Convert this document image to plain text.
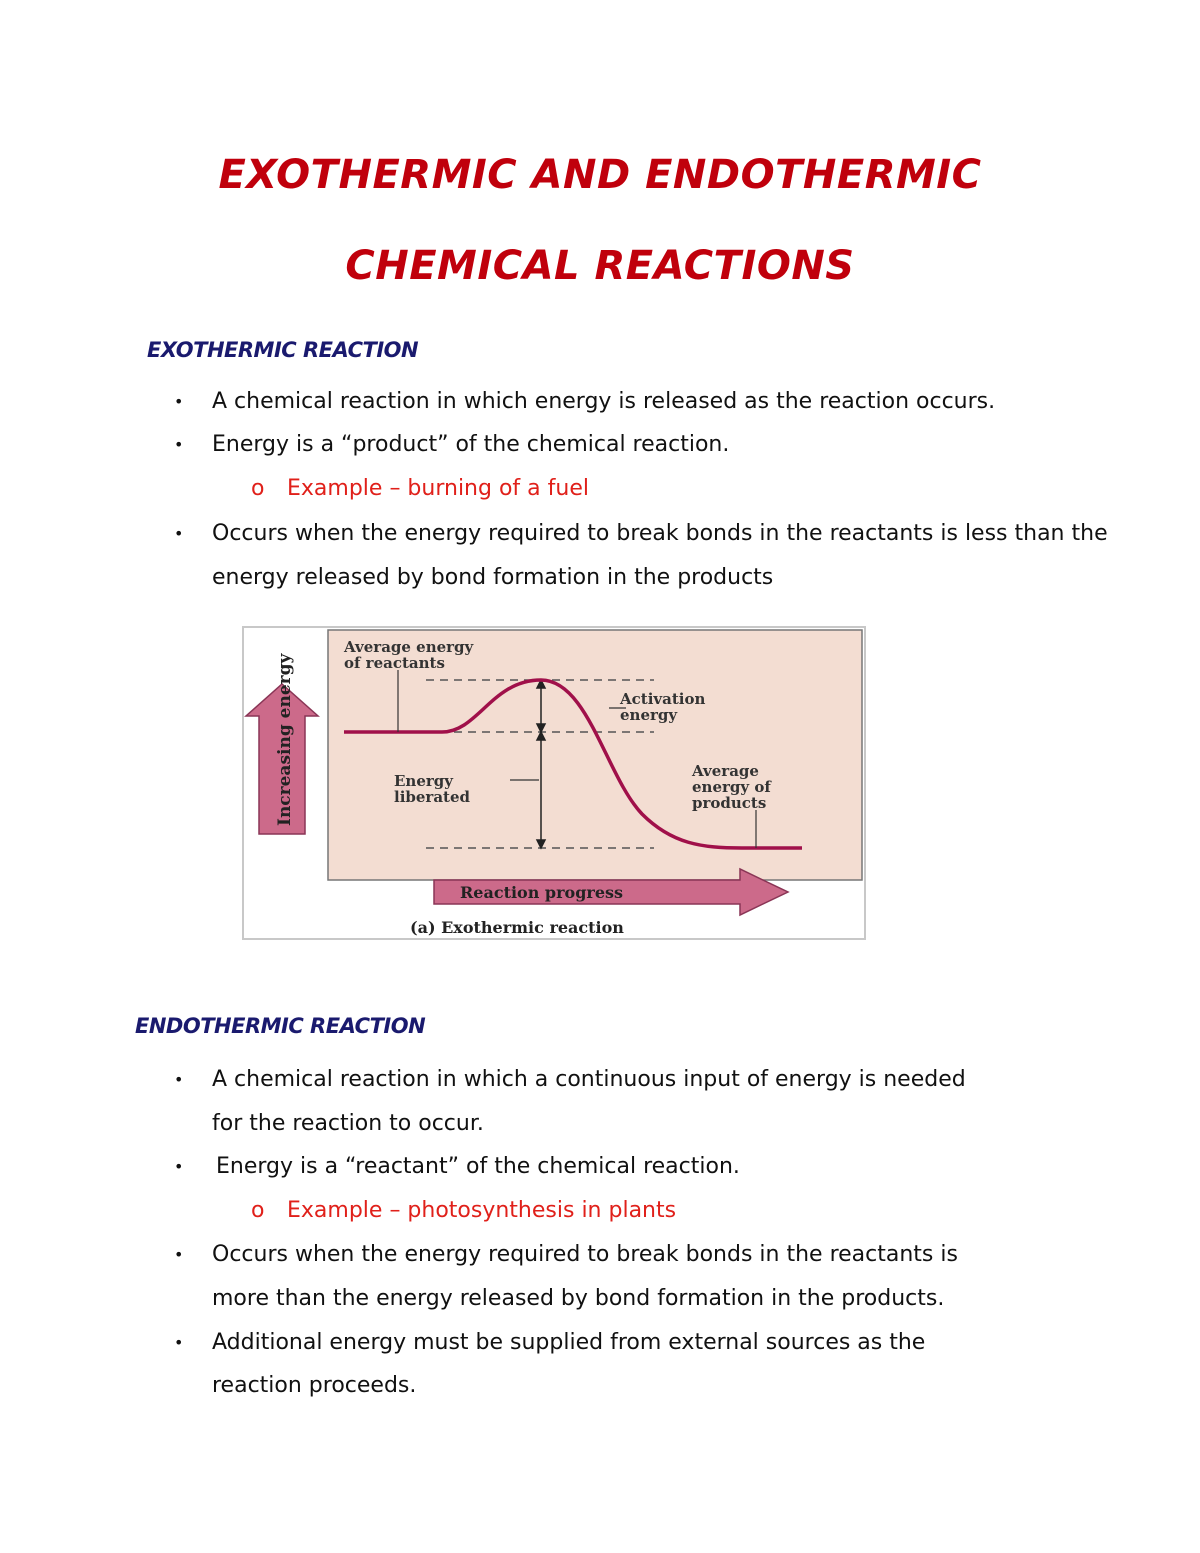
EXOTHERMIC AND ENDOTHERMIC
CHEMICAL REACTIONS
EXOTHERMIC REACTION
• A chemical reaction in which energy is released as the reaction occurs.
• Energy is a “product” of the chemical reaction.
o Example – burning of a fuel
• Occurs when the energy required to break bonds in the reactants is less than the
energy released by bond formation in the products
Increasing energy
Average energy
of reactants
Activation
energy
Energy
liberated
Average
energy of
products
Reaction progress
(a) Exothermic reaction
ENDOTHERMIC REACTION
• A chemical reaction in which a continuous input of energy is needed
for the reaction to occur.
• Energy is a “reactant” of the chemical reaction.
o Example – photosynthesis in plants
• Occurs when the energy required to break bonds in the reactants is
more than the energy released by bond formation in the products.
• Additional energy must be supplied from external sources as the
reaction proceeds.
